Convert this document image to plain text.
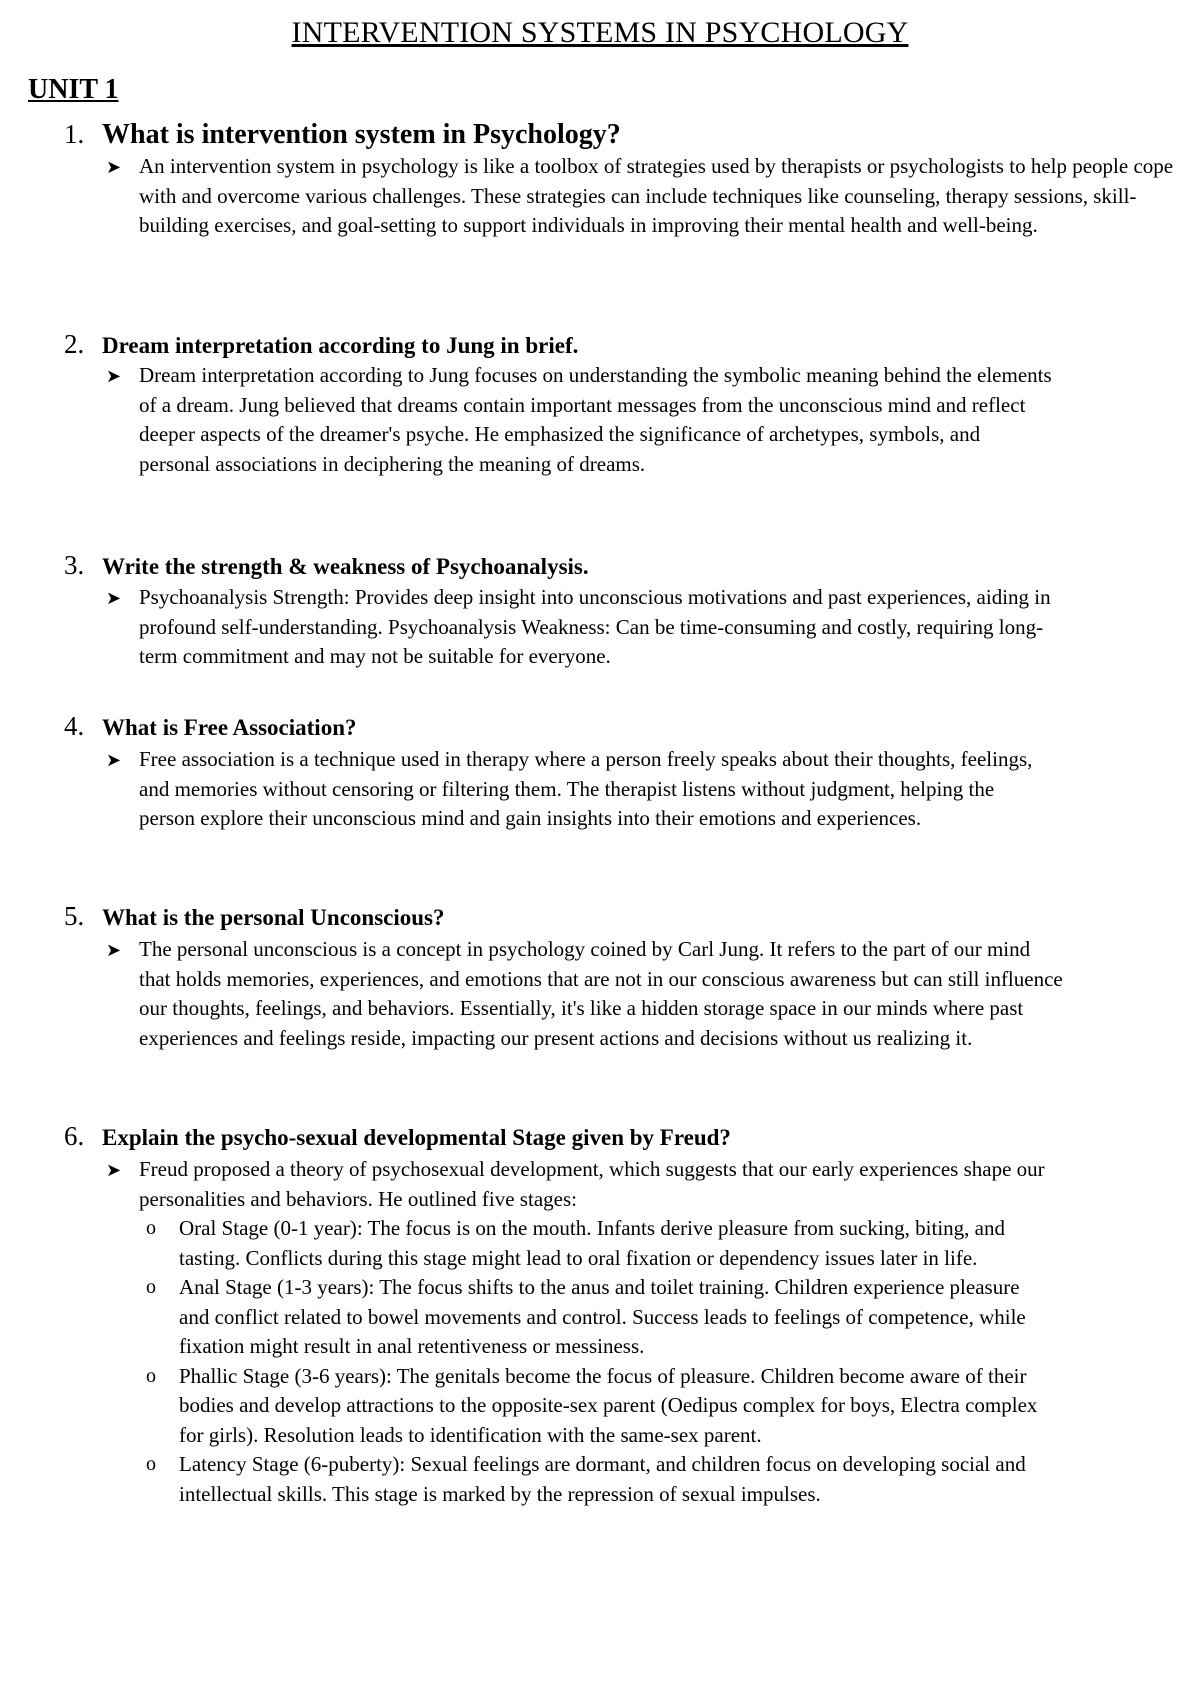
INTERVENTION SYSTEMS IN PSYCHOLOGY
UNIT 1
1. What is intervention system in Psychology?
➤ An intervention system in psychology is like a toolbox of strategies used by therapists or psychologists to help people cope with and overcome various challenges. These strategies can include techniques like counseling, therapy sessions, skill-building exercises, and goal-setting to support individuals in improving their mental health and well-being.
2. Dream interpretation according to Jung in brief.
➤ Dream interpretation according to Jung focuses on understanding the symbolic meaning behind the elements of a dream. Jung believed that dreams contain important messages from the unconscious mind and reflect deeper aspects of the dreamer's psyche. He emphasized the significance of archetypes, symbols, and personal associations in deciphering the meaning of dreams.
3. Write the strength & weakness of Psychoanalysis.
➤ Psychoanalysis Strength: Provides deep insight into unconscious motivations and past experiences, aiding in profound self-understanding. Psychoanalysis Weakness: Can be time-consuming and costly, requiring long-term commitment and may not be suitable for everyone.
4. What is Free Association?
➤ Free association is a technique used in therapy where a person freely speaks about their thoughts, feelings, and memories without censoring or filtering them. The therapist listens without judgment, helping the person explore their unconscious mind and gain insights into their emotions and experiences.
5. What is the personal Unconscious?
➤ The personal unconscious is a concept in psychology coined by Carl Jung. It refers to the part of our mind that holds memories, experiences, and emotions that are not in our conscious awareness but can still influence our thoughts, feelings, and behaviors. Essentially, it's like a hidden storage space in our minds where past experiences and feelings reside, impacting our present actions and decisions without us realizing it.
6. Explain the psycho-sexual developmental Stage given by Freud?
➤ Freud proposed a theory of psychosexual development, which suggests that our early experiences shape our personalities and behaviors. He outlined five stages:
o Oral Stage (0-1 year): The focus is on the mouth. Infants derive pleasure from sucking, biting, and tasting. Conflicts during this stage might lead to oral fixation or dependency issues later in life.
o Anal Stage (1-3 years): The focus shifts to the anus and toilet training. Children experience pleasure and conflict related to bowel movements and control. Success leads to feelings of competence, while fixation might result in anal retentiveness or messiness.
o Phallic Stage (3-6 years): The genitals become the focus of pleasure. Children become aware of their bodies and develop attractions to the opposite-sex parent (Oedipus complex for boys, Electra complex for girls). Resolution leads to identification with the same-sex parent.
o Latency Stage (6-puberty): Sexual feelings are dormant, and children focus on developing social and intellectual skills. This stage is marked by the repression of sexual impulses.
